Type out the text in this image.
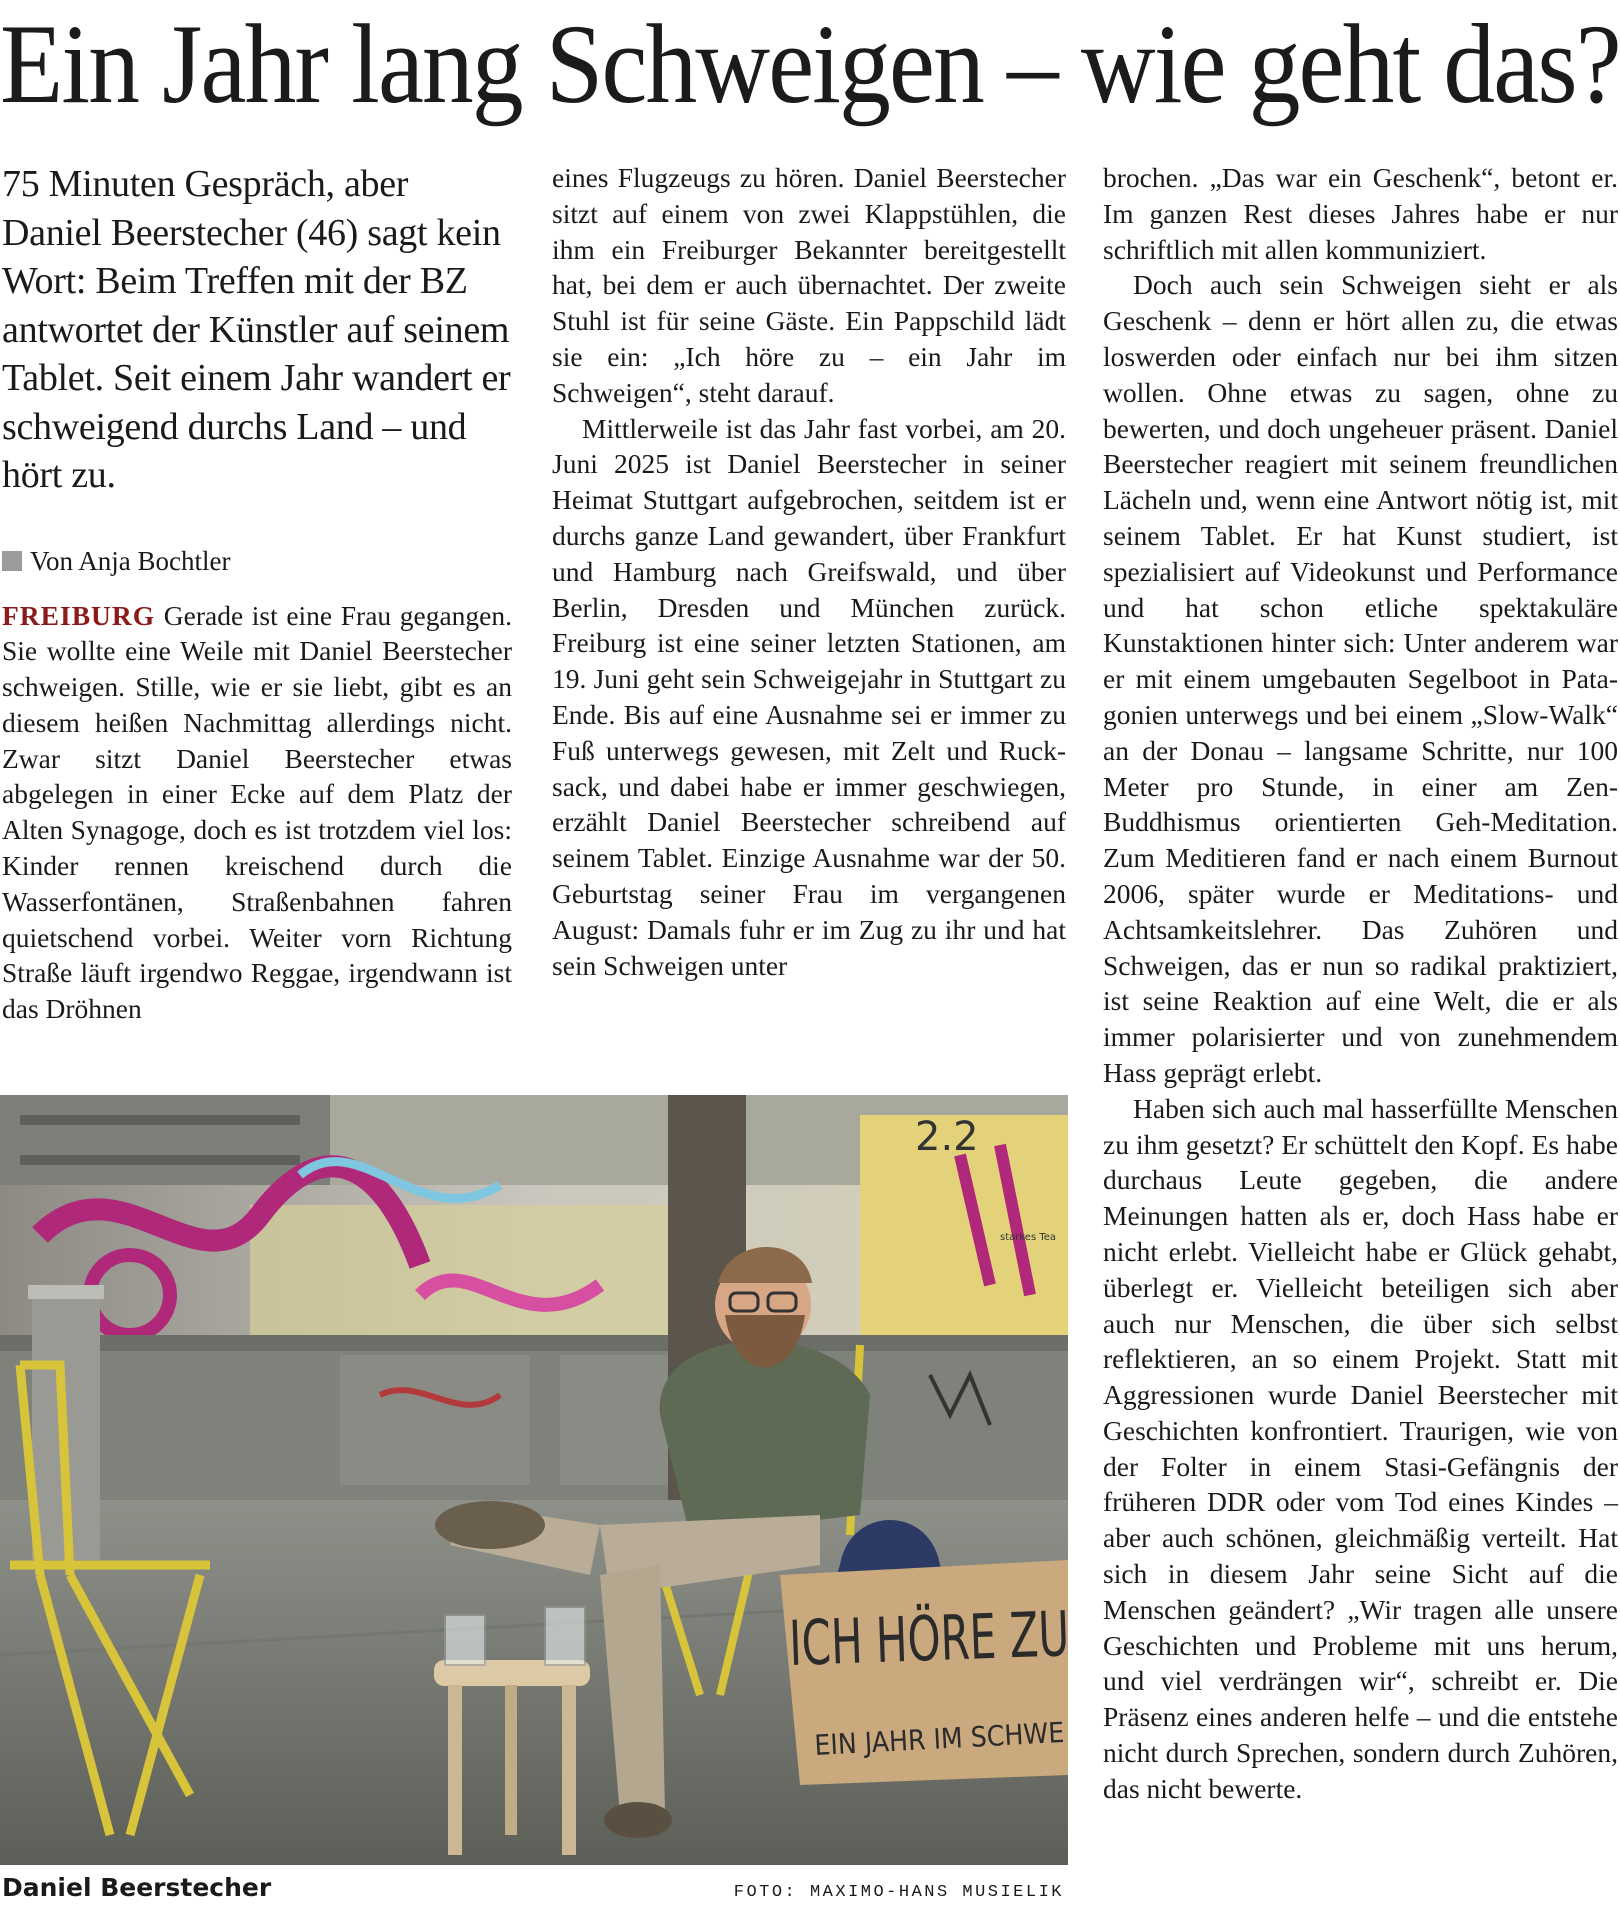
Ein Jahr lang Schweigen – wie geht das?

75 Minuten Gespräch, aber Daniel Beerstecher (46) sagt kein Wort: Beim Treffen mit der BZ antwortet der Künstler auf seinem Tablet. Seit einem Jahr wandert er schweigend durchs Land – und hört zu.

Von Anja Bochtler

FREIBURG Gerade ist eine Frau gegangen. Sie wollte eine Weile mit Daniel Beerstecher schweigen. Stille, wie er sie liebt, gibt es an diesem heißen Nachmittag allerdings nicht. Zwar sitzt Daniel Beerstecher etwas abgelegen in einer Ecke auf dem Platz der Alten Synagoge, doch es ist trotzdem viel los: Kinder rennen kreischend durch die Wasserfontänen, Straßenbahnen fahren quietschend vorbei. Weiter vorn Richtung Straße läuft irgendwo Reggae, irgendwann ist das Dröhnen

eines Flugzeugs zu hören. Daniel Beerstecher sitzt auf einem von zwei Klappstühlen, die ihm ein Freiburger Bekannter bereitgestellt hat, bei dem er auch übernachtet. Der zweite Stuhl ist für seine Gäste. Ein Pappschild lädt sie ein: „Ich höre zu – ein Jahr im Schweigen“, steht darauf.

Mittlerweile ist das Jahr fast vorbei, am 20. Juni 2025 ist Daniel Beerstecher in seiner Heimat Stuttgart aufgebrochen, seitdem ist er durchs ganze Land gewandert, über Frankfurt und Hamburg nach Greifswald, und über Berlin, Dresden und München zurück. Freiburg ist eine seiner letzten Stationen, am 19. Juni geht sein Schweigejahr in Stuttgart zu Ende. Bis auf eine Ausnahme sei er immer zu Fuß unterwegs gewesen, mit Zelt und Rucksack, und dabei habe er immer geschwiegen, erzählt Daniel Beerstecher schreibend auf seinem Tablet. Einzige Ausnahme war der 50. Geburtstag seiner Frau im vergangenen August: Damals fuhr er im Zug zu ihr und hat sein Schweigen unter

brochen. „Das war ein Geschenk“, betont er. Im ganzen Rest dieses Jahres habe er nur schriftlich mit allen kommuniziert.

Doch auch sein Schweigen sieht er als Geschenk – denn er hört allen zu, die etwas loswerden oder einfach nur bei ihm sitzen wollen. Ohne etwas zu sagen, ohne zu bewerten, und doch ungeheuer präsent. Daniel Beerstecher reagiert mit seinem freundlichen Lächeln und, wenn eine Antwort nötig ist, mit seinem Tablet. Er hat Kunst studiert, ist spezialisiert auf Videokunst und Performance und hat schon etliche spektakuläre Kunstaktionen hinter sich: Unter anderem war er mit einem umgebauten Segelboot in Patagonien unterwegs und bei einem „Slow-Walk“ an der Donau – langsame Schritte, nur 100 Meter pro Stunde, in einer am Zen-Buddhismus orientierten Geh-Meditation. Zum Meditieren fand er nach einem Burnout 2006, später wurde er Meditations- und Achtsamkeitslehrer. Das Zuhören und Schweigen, das er nun so radikal praktiziert, ist seine Reaktion auf eine Welt, die er als immer polarisierter und von zunehmendem Hass geprägt erlebt.

Haben sich auch mal hasserfüllte Menschen zu ihm gesetzt? Er schüttelt den Kopf. Es habe durchaus Leute gegeben, die andere Meinungen hatten als er, doch Hass habe er nicht erlebt. Vielleicht habe er Glück gehabt, überlegt er. Vielleicht beteiligen sich aber auch nur Menschen, die über sich selbst reflektieren, an so einem Projekt. Statt mit Aggressionen wurde Daniel Beerstecher mit Geschichten konfrontiert. Traurigen, wie von der Folter in einem Stasi-Gefängnis der früheren DDR oder vom Tod eines Kindes – aber auch schönen, gleichmäßig verteilt. Hat sich in diesem Jahr seine Sicht auf die Menschen geändert? „Wir tragen alle unsere Geschichten und Probleme mit uns herum, und viel verdrängen wir“, schreibt er. Die Präsenz eines anderen helfe – und die entstehe nicht durch Sprechen, sondern durch Zuhören, das nicht bewerte.

2.2
starkes Tea
ICH HÖRE ZU
EIN JAHR IM SCHWE
Daniel Beerstecher	FOTO: MAXIMO-HANS MUSIELIK
